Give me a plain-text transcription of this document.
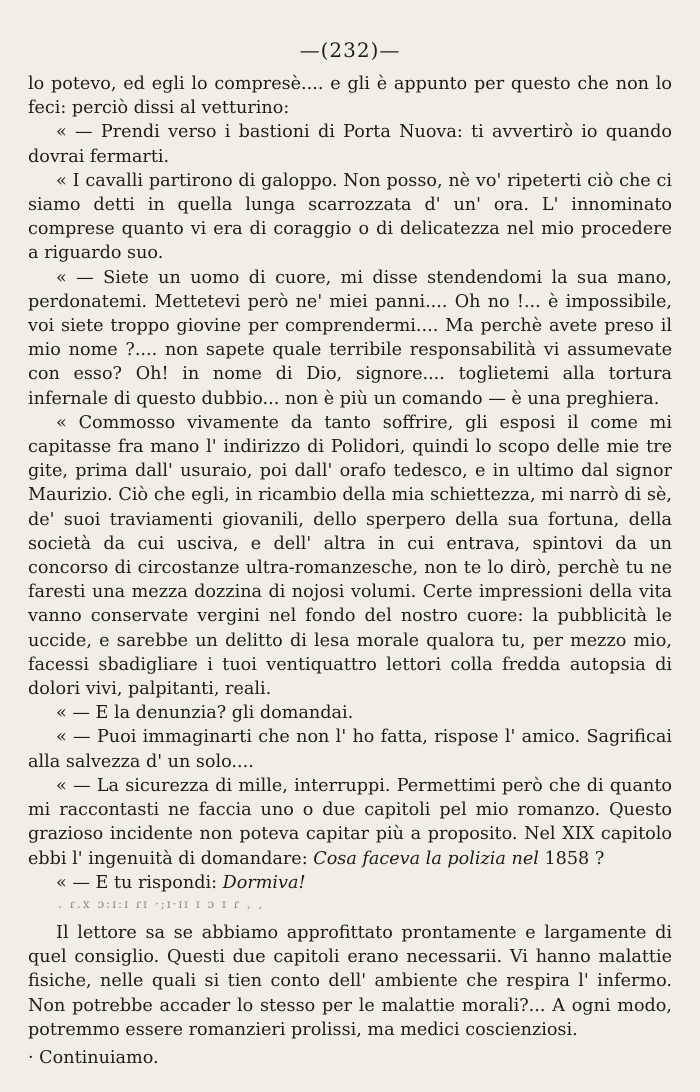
—(232)—

lo potevo, ed egli lo compresè.... e gli è appunto per questo che non lo feci: perciò dissi al vetturino:

« — Prendi verso i bastioni di Porta Nuova: ti avvertirò io quando dovrai fermarti.

« I cavalli partirono di galoppo. Non posso, nè vo' ripeterti ciò che ci siamo detti in quella lunga scarrozzata d' un' ora. L' innominato comprese quanto vi era di coraggio o di delicatezza nel mio procedere a riguardo suo.

« — Siete un uomo di cuore, mi disse stendendomi la sua mano, perdonatemi. Mettetevi però ne' miei panni.... Oh no !... è impossibile, voi siete troppo giovine per comprendermi.... Ma perchè avete preso il mio nome ?.... non sapete quale terribile responsabilità vi assumevate con esso? Oh! in nome di Dio, signore.... toglietemi alla tortura infernale di questo dubbio... non è più un comando — è una preghiera.

« Commosso vivamente da tanto soffrire, gli esposi il come mi capitasse fra mano l' indirizzo di Polidori, quindi lo scopo delle mie tre gite, prima dall' usuraio, poi dall' orafo tedesco, e in ultimo dal signor Maurizio. Ciò che egli, in ricambio della mia schiettezza, mi narrò di sè, de' suoi traviamenti giovanili, dello sperpero della sua fortuna, della società da cui usciva, e dell' altra in cui entrava, spintovi da un concorso di circostanze ultra-romanzesche, non te lo dirò, perchè tu ne faresti una mezza dozzina di nojosi volumi. Certe impressioni della vita vanno conservate vergini nel fondo del nostro cuore: la pubblicità le uccide, e sarebbe un delitto di lesa morale qualora tu, per mezzo mio, facessi sbadigliare i tuoi ventiquattro lettori colla fredda autopsia di dolori vivi, palpitanti, reali.

« — E la denunzia? gli domandai.

« — Puoi immaginarti che non l' ho fatta, rispose l' amico. Sagrificai alla salvezza d' un solo....

« — La sicurezza di mille, interruppi. Permettimi però che di quanto mi raccontasti ne faccia uno o due capitoli pel mio romanzo. Questo grazioso incidente non poteva capitar più a proposito. Nel XIX capitolo ebbi l' ingenuità di domandare: Cosa faceva la polizia nel 1858 ?

« — E tu rispondi: Dormiva!

. ɾ.x ɔ:ɪ:ɪ ɾɪ ·;ɪ·ɪɪ ɪ ɔ ɪ ɾ , ,

Il lettore sa se abbiamo approfittato prontamente e largamente di quel consiglio. Questi due capitoli erano necessarii. Vi hanno malattie fisiche, nelle quali si tien conto dell' ambiente che respira l' infermo. Non potrebbe accader lo stesso per le malattie morali?... A ogni modo, potremmo essere romanzieri prolissi, ma medici coscienziosi.

· Continuiamo.
